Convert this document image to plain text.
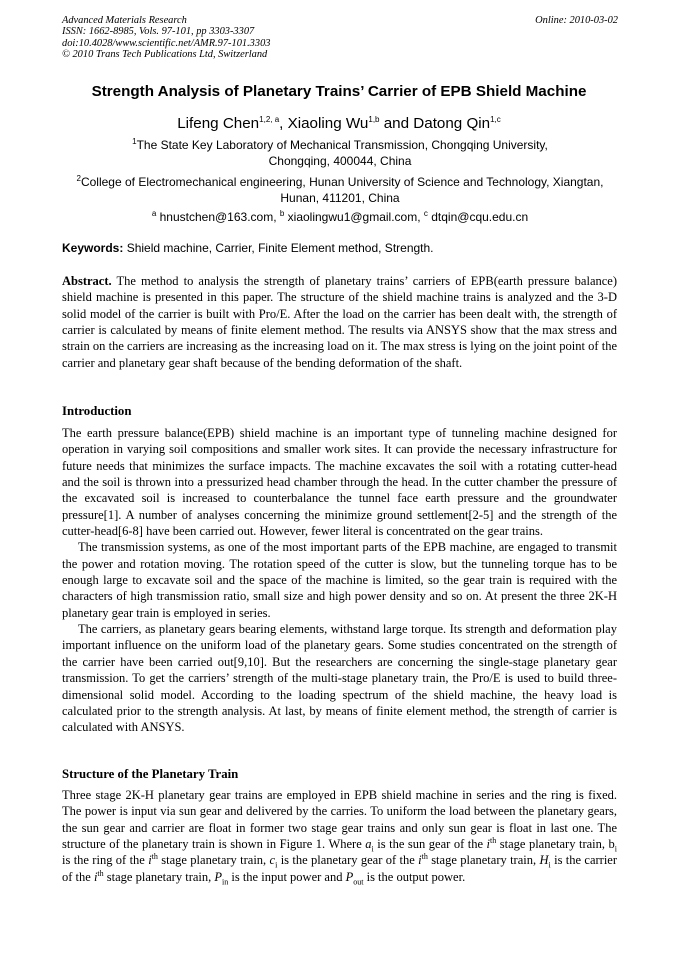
Advanced Materials Research
ISSN: 1662-8985, Vols. 97-101, pp 3303-3307
doi:10.4028/www.scientific.net/AMR.97-101.3303
© 2010 Trans Tech Publications Ltd, Switzerland
Online: 2010-03-02
Strength Analysis of Planetary Trains’ Carrier of EPB Shield Machine
Lifeng Chen$^{1,2, a}$, Xiaoling Wu$^{1,b}$ and Datong Qin$^{1,c}$
$^1$The State Key Laboratory of Mechanical Transmission, Chongqing University,
Chongqing, 400044, China
$^2$College of Electromechanical engineering, Hunan University of Science and Technology, Xiangtan,
Hunan, 411201, China
$^a$ hnustchen@163.com, $^b$ xiaolingwu1@gmail.com, $^c$ dtqin@cqu.edu.cn
Keywords: Shield machine, Carrier, Finite Element method, Strength.

Abstract. The method to analysis the strength of planetary trains’ carriers of EPB(earth pressure balance) shield machine is presented in this paper. The structure of the shield machine trains is analyzed and the 3-D solid model of the carrier is built with Pro/E. After the load on the carrier has been dealt with, the strength of carrier is calculated by means of finite element method. The results via ANSYS show that the max stress and strain on the carriers are increasing as the increasing load on it. The max stress is lying on the joint point of the carrier and planetary gear shaft because of the bending deformation of the shaft.

Introduction

The earth pressure balance(EPB) shield machine is an important type of tunneling machine designed for operation in varying soil compositions and smaller work sites. It can provide the necessary infrastructure for future needs that minimizes the surface impacts. The machine excavates the soil with a rotating cutter-head and the soil is thrown into a pressurized head chamber through the head. In the cutter chamber the pressure of the excavated soil is increased to counterbalance the tunnel face earth pressure and the groundwater pressure[1]. A number of analyses concerning the minimize ground settlement[2-5] and the strength of the cutter-head[6-8] have been carried out. However, fewer literal is concentrated on the gear trains.

The transmission systems, as one of the most important parts of the EPB machine, are engaged to transmit the power and rotation moving. The rotation speed of the cutter is slow, but the tunneling torque has to be enough large to excavate soil and the space of the machine is limited, so the gear train is required with the characters of high transmission ratio, small size and high power density and so on. At present the three 2K-H planetary gear train is employed in series.

The carriers, as planetary gears bearing elements, withstand large torque. Its strength and deformation play important influence on the uniform load of the planetary gears. Some studies concentrated on the strength of the carrier have been carried out[9,10]. But the researchers are concerning the single-stage planetary gear transmission. To get the carriers’ strength of the multi-stage planetary train, the Pro/E is used to build three-dimensional solid model. According to the loading spectrum of the shield machine, the heavy load is calculated prior to the strength analysis. At last, by means of finite element method, the strength of carrier is calculated with ANSYS.

Structure of the Planetary Train

Three stage 2K-H planetary gear trains are employed in EPB shield machine in series and the ring is fixed. The power is input via sun gear and delivered by the carries. To uniform the load between the planetary gears, the sun gear and carrier are float in former two stage gear trains and only sun gear is float in last one. The structure of the planetary train is shown in Figure 1. Where $a_i$ is the sun gear of the $i^{th}$ stage planetary train, $b_i$ is the ring of the $i^{th}$ stage planetary train, $c_i$ is the planetary gear of the $i^{th}$ stage planetary train, $H_i$ is the carrier of the $i^{th}$ stage planetary train, $P_{in}$ is the input power and $P_{out}$ is the output power.
